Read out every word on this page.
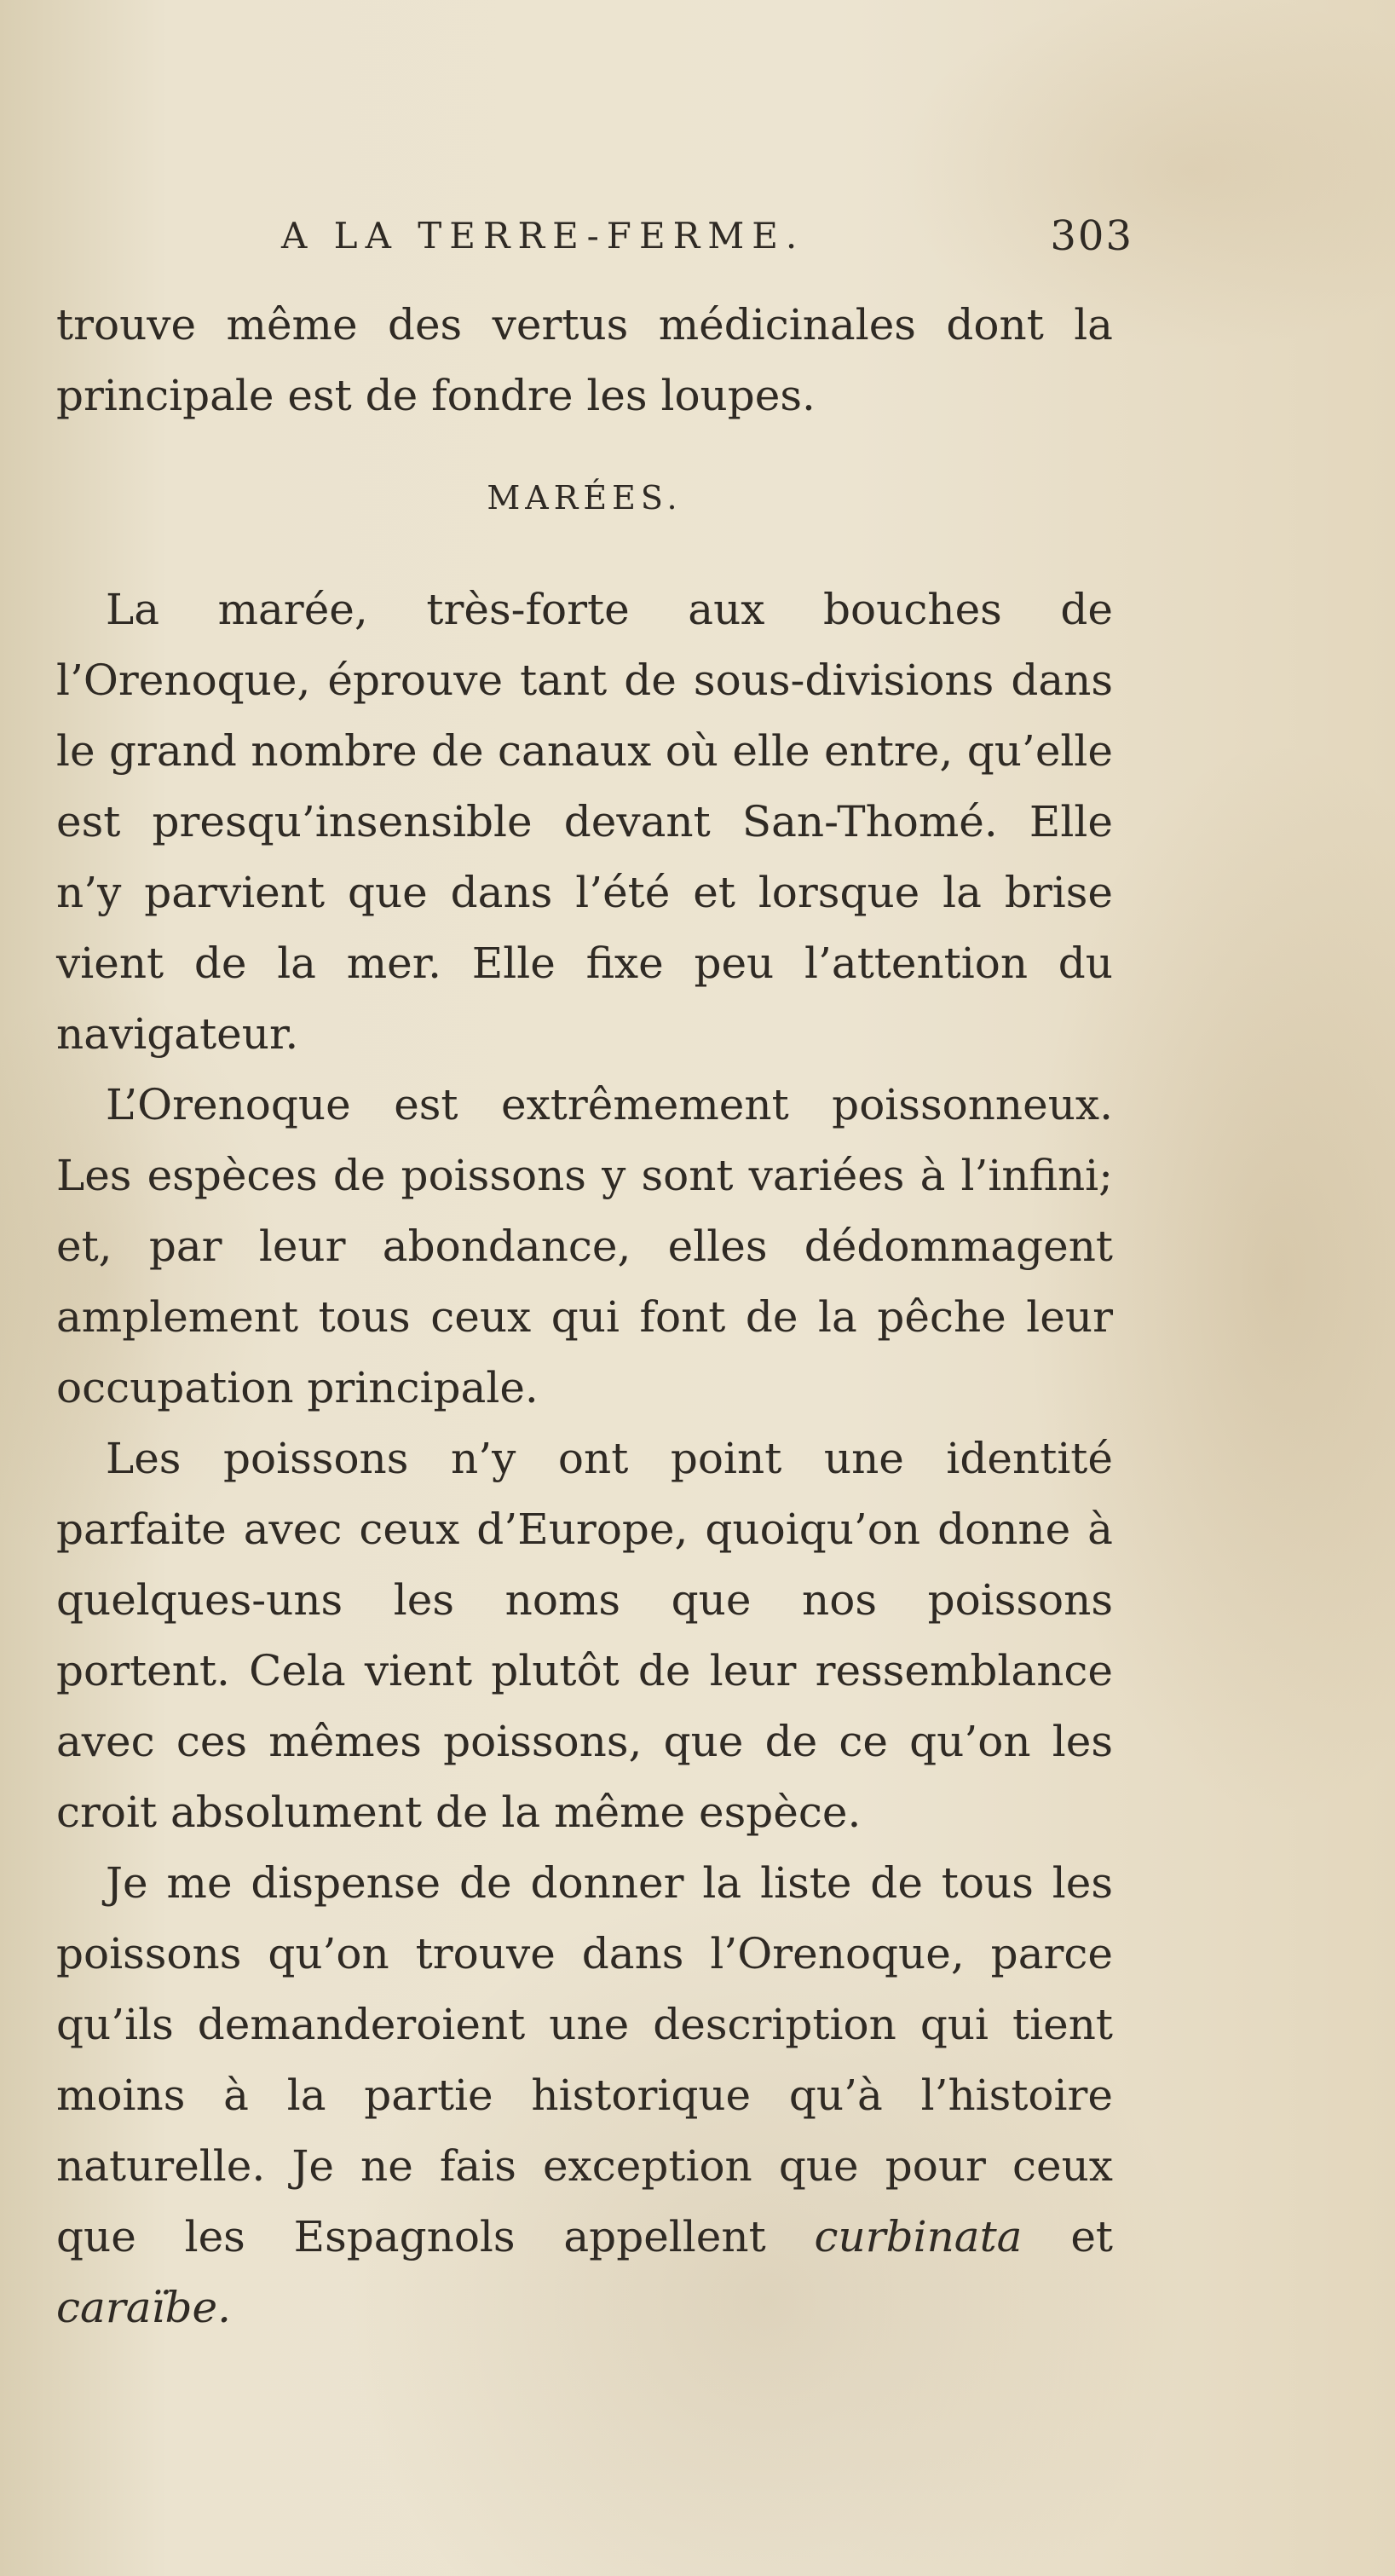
A LA TERRE-FERME.	303

trouve même des vertus médicinales dont la principale est de fondre les loupes.

MARÉES.

La marée, très-forte aux bouches de l’Orenoque, éprouve tant de sous-divisions dans le grand nombre de canaux où elle entre, qu’elle est presqu’insensible devant San-Thomé. Elle n’y parvient que dans l’été et lorsque la brise vient de la mer. Elle fixe peu l’attention du navigateur.

L’Orenoque est extrêmement poissonneux. Les espèces de poissons y sont variées à l’infini; et, par leur abondance, elles dédommagent amplement tous ceux qui font de la pêche leur occupation principale.

Les poissons n’y ont point une identité parfaite avec ceux d’Europe, quoiqu’on donne à quelques-uns les noms que nos poissons portent. Cela vient plutôt de leur ressemblance avec ces mêmes poissons, que de ce qu’on les croit absolument de la même espèce.

Je me dispense de donner la liste de tous les poissons qu’on trouve dans l’Orenoque, parce qu’ils demanderoient une description qui tient moins à la partie historique qu’à l’histoire naturelle. Je ne fais exception que pour ceux que les Espagnols appellent curbinata et caraïbe.
